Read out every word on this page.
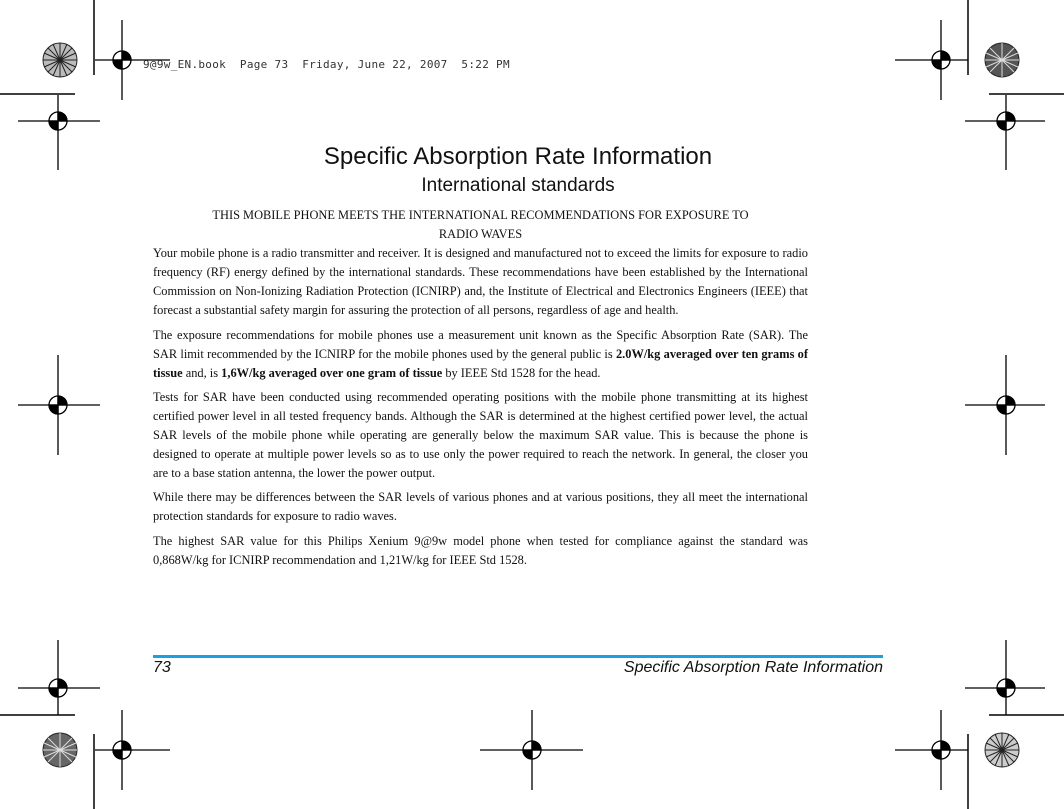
9@9w_EN.book  Page 73  Friday, June 22, 2007  5:22 PM
Specific Absorption Rate Information
International standards

THIS MOBILE PHONE MEETS THE INTERNATIONAL RECOMMENDATIONS FOR EXPOSURE TO
RADIO WAVES

Your mobile phone is a radio transmitter and receiver. It is designed and manufactured not to exceed the limits for exposure to radio frequency (RF) energy defined by the international standards. These recommendations have been established by the International Commission on Non-Ionizing Radiation Protection (ICNIRP) and, the Institute of Electrical and Electronics Engineers (IEEE) that forecast a substantial safety margin for assuring the protection of all persons, regardless of age and health.

The exposure recommendations for mobile phones use a measurement unit known as the Specific Absorption Rate (SAR). The SAR limit recommended by the ICNIRP for the mobile phones used by the general public is 2.0W/kg averaged over ten grams of tissue and, is 1,6W/kg averaged over one gram of tissue by IEEE Std 1528 for the head.

Tests for SAR have been conducted using recommended operating positions with the mobile phone transmitting at its highest certified power level in all tested frequency bands. Although the SAR is determined at the highest certified power level, the actual SAR levels of the mobile phone while operating are generally below the maximum SAR value. This is because the phone is designed to operate at multiple power levels so as to use only the power required to reach the network. In general, the closer you are to a base station antenna, the lower the power output.

While there may be differences between the SAR levels of various phones and at various positions, they all meet the international protection standards for exposure to radio waves.

The highest SAR value for this Philips Xenium 9@9w model phone when tested for compliance against the standard was 0,868W/kg for ICNIRP recommendation and 1,21W/kg for IEEE Std 1528.

73	Specific Absorption Rate Information
